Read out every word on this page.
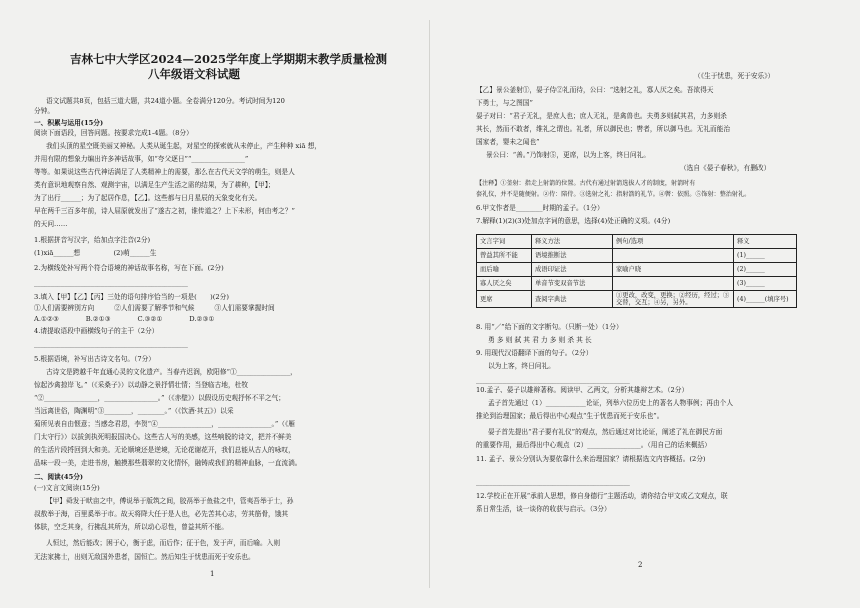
吉林七中大学区2024—2025学年度上学期期末教学质量检测
八年级语文科试题
语文试题共8页，包括三道大题，共24道小题。全卷满分120分。考试时间为120
分钟。
一、积累与运用(15分)
阅读下面语段，回答问题。按要求完成1-4题。（8分）
我们头顶的星空既美丽又神秘。人类从诞生起，对星空的探索就从未停止，产生种种 xiā 想，
并用有限的想象力编出许多神话故事，如“夸父逐日”“________________”
等等。如果说这些古代神话满足了人类精神上的需要，那么在古代天文学的萌生，则是人
类有意识地观察自然、观测宇宙，以满足生产生活之需的结果，为了耕种，【甲】；
为了出行______；为了起居作息，【乙】。这些都与日月星辰的天象变化有关。
早在两千三百多年前，诗人屈原就发出了“遂古之初，谁传道之？上下未形，何由考之？”
的天问……
1.根据拼音写汉字，给加点字注音(2分)
(1)xiā______想　　　　　(2)萌______生
2.为横线处补写两个符合语境的神话故事名称，写在下面。(2分)
______________________________________________
3.填入【甲】【乙】【丙】三处的语句排序恰当的一项是(　　)(2分)
①人们需要辨别方向　　　②人们需要了解季节和气候　　　③人们需要掌握时间
A.①②③　　　　B.②①③　　　　C.③②①　　　　D.②③①
4.请提取语段中画横线句子的主干（2分）
______________________________________________
5.根据语境，补写出古诗文名句。（7分）
古诗文是跨越千年直通心灵的文化遗产。当春卉迟润，欧阳修“①________________，
惊起沙禽掠岸飞。”（《采桑子》）以动静之景抒情壮情；当登临古地，杜牧
“②________________，________________。”（《赤壁》）以假设历史观抒怀不平之气；
当远离世俗，陶渊明“③________，________。”（《饮酒·其五》）以采
菊所见表自由惬意；当感念君恩，李贺“④________________，________________。”（《雁
门太守行》）以拔剑执死明报国决心。这些古人写的美感，这些响脱的诗文，把并不鲜美
的生活片段捋回到大和美。无论顺境还是逆境，无论花谢花开，我们总能从古人的咏叹，
品味一段一美，走进书房，触摸那些翡翠的文化情怀，融铸成我们的精神血脉，一直流淌。
二、阅读(45分)
(一)文言文阅读(15分)
【甲】舜发于畎亩之中，傅说举于版筑之间，胶鬲举于鱼盐之中，管夷吾举于士，孙
叔敖举于海，百里奚举于市。故天将降大任于是人也，必先苦其心志，劳其筋骨，饿其
体肤，空乏其身，行拂乱其所为，所以动心忍性，曾益其所不能。
人恒过，然后能改；困于心，衡于虑，而后作；征于色，发于声，而后喻。入则
无法家拂士，出则无敌国外患者，国恒亡。然后知生于忧患而死于安乐也。
1
（《生于忧患，死于安乐》）
【乙】景公釜射①，晏子侍②礼而待，公曰：“选射之礼，寡人厌之矣。吾欲得天
下勇士，与之图国”
晏子对曰：“君子无礼，是庶人也；庶人无礼，是禽兽也。夫勇多则弑其君，力多则杀
其长，然而不敢者，维礼之谓也。礼者，所以御民也；辔者，所以御马也。无礼而能治
国家者，婴未之闻也”
景公曰：“善。”乃饰射⑤，更席，以为上客，终日问礼。
（选自《晏子春秋》，有删改）
【注释】①釜射：指走上射箭的位置。古代有通过射箭选拔人才的制度，射箭时有
套礼仪，并不是随便射。②侍：陪侍。③选射之礼：指射箭的礼节。④辔：依照。⑤饰射：整治射礼。
6.甲文作者是________时期的孟子。（1分）
7.解释(1)(2)(3)处加点字词的意思，选择(4)处正确的义项。(4分)
文言字词	释义方法	例句/选项	释义
曾益其所不能	语境推断法		(1)______
而后喻	成语印证法	家喻户晓	(2)______
寡人厌之矣	单音节变双音节法		(3)______
更席	查阅字典法	①更改，改变，更换；②经历，经过；③交替，交互；④另，另外。	(4)______(填序号)
8. 用“／”给下面的文字断句。（只断一处）（1分）
勇 多 则 弑 其 君 力 多 则 杀 其 长
9. 用现代汉语翻译下面的句子。（2分）
以为上客，终日问礼。
______________________________________________
10.孟子、晏子以雄辩著称。阅读甲、乙两文，分析其雄辩艺术。（2分）
孟子首先通过（1）____________论证，列举六位历史上的著名人物事例；再由个人
推论到治理国家；最后得出中心观点“生于忧患而死于安乐也”。
晏子首先提出“君子要有礼仪”的观点，然后通过对比论证，阐述了礼在御民方面
的重要作用，最后得出中心观点（2）________________。（用自己的话来概括）
11. 孟子、景公分别认为要依靠什么来治理国家？请根据选文内容概括。(2分)
______________________________________________
12.学校正在开展“承前人思想，修自身德行”主题活动，请你结合甲文或乙文观点，联
系日常生活，谈一谈你的收获与启示。（3分）
2
